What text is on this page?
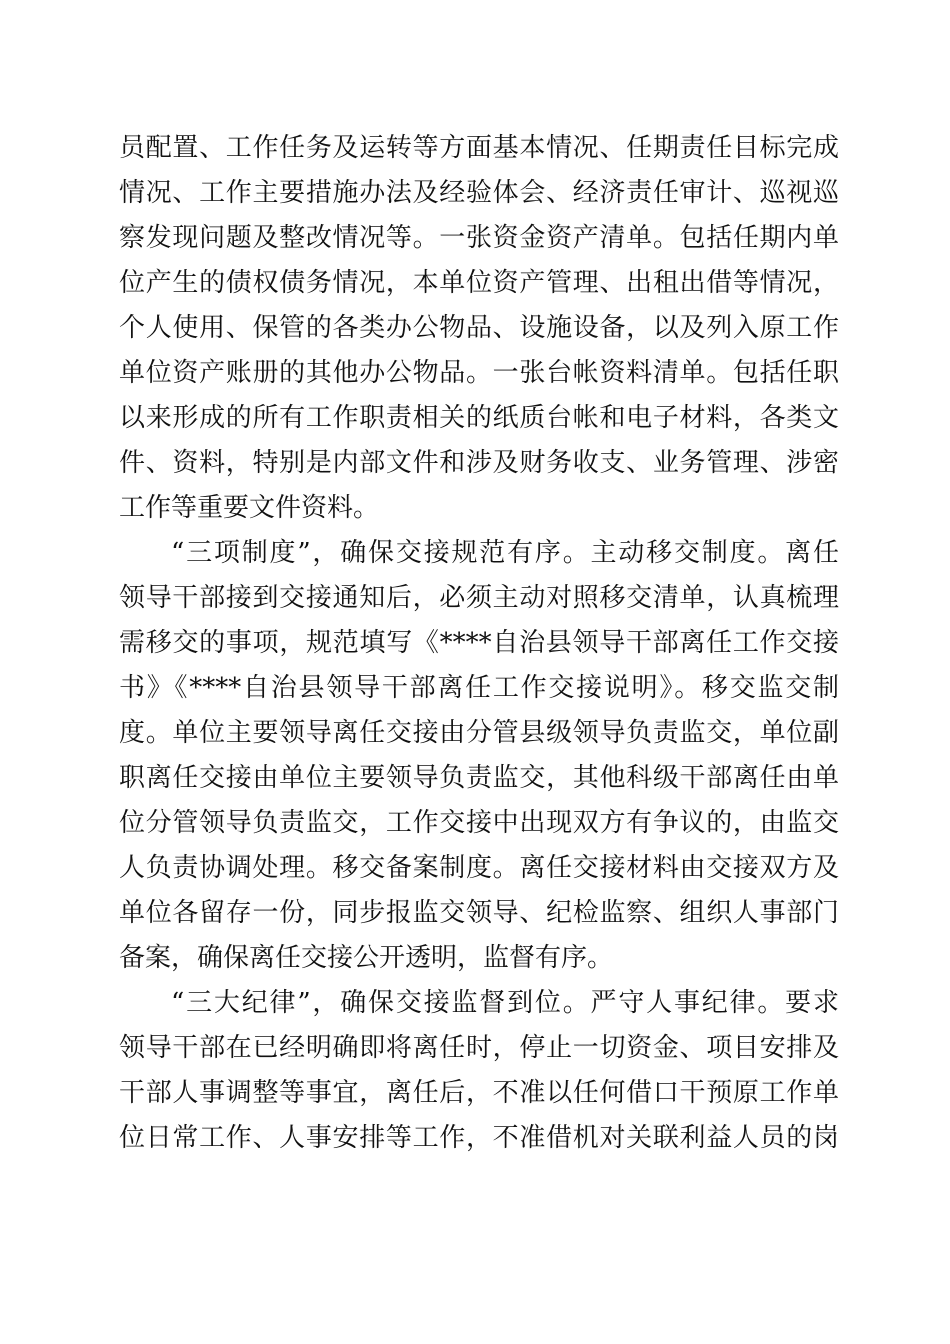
员配置、工作任务及运转等方面基本情况、任期责任目标完成
情况、工作主要措施办法及经验体会、经济责任审计、巡视巡
察发现问题及整改情况等。一张资金资产清单。包括任期内单
位产生的债权债务情况，本单位资产管理、出租出借等情况，
个人使用、保管的各类办公物品、设施设备，以及列入原工作
单位资产账册的其他办公物品。一张台帐资料清单。包括任职
以来形成的所有工作职责相关的纸质台帐和电子材料，各类文
件、资料，特别是内部文件和涉及财务收支、业务管理、涉密
工作等重要文件资料。
“三项制度”，确保交接规范有序。主动移交制度。离任
领导干部接到交接通知后，必须主动对照移交清单，认真梳理
需移交的事项，规范填写《****自治县领导干部离任工作交接
书》《****自治县领导干部离任工作交接说明》。移交监交制
度。单位主要领导离任交接由分管县级领导负责监交，单位副
职离任交接由单位主要领导负责监交，其他科级干部离任由单
位分管领导负责监交，工作交接中出现双方有争议的，由监交
人负责协调处理。移交备案制度。离任交接材料由交接双方及
单位各留存一份，同步报监交领导、纪检监察、组织人事部门
备案，确保离任交接公开透明，监督有序。
“三大纪律”，确保交接监督到位。严守人事纪律。要求
领导干部在已经明确即将离任时，停止一切资金、项目安排及
干部人事调整等事宜，离任后，不准以任何借口干预原工作单
位日常工作、人事安排等工作，不准借机对关联利益人员的岗
